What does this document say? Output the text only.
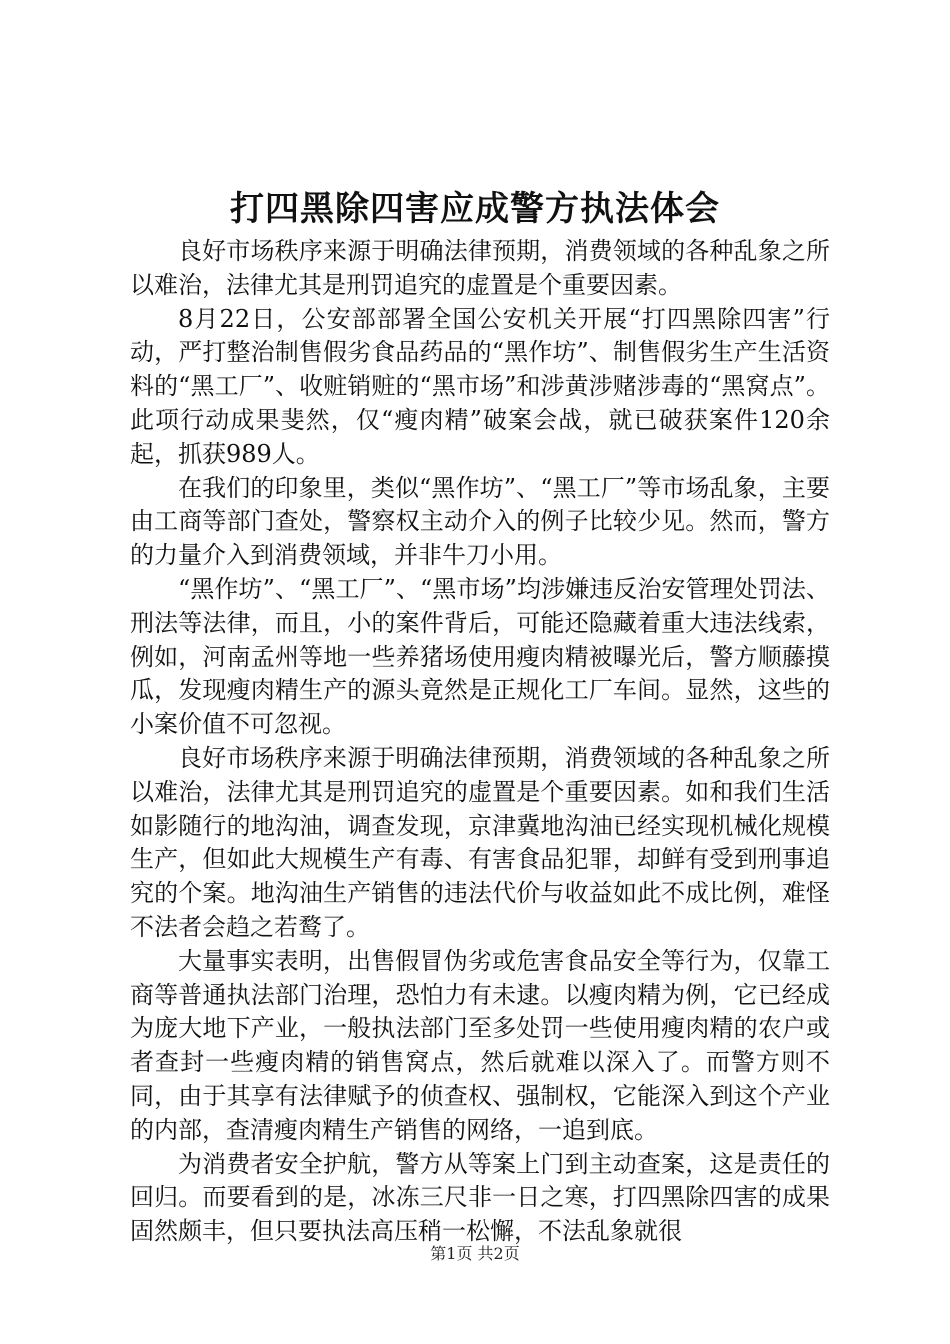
打四黑除四害应成警方执法体会

良好市场秩序来源于明确法律预期，消费领域的各种乱象之所以难治，法律尤其是刑罚追究的虚置是个重要因素。

8月22日，公安部部署全国公安机关开展“打四黑除四害”行动，严打整治制售假劣食品药品的“黑作坊”、制售假劣生产生活资料的“黑工厂”、收赃销赃的“黑市场”和涉黄涉赌涉毒的“黑窝点”。此项行动成果斐然，仅“瘦肉精”破案会战，就已破获案件120余起，抓获989人。

在我们的印象里，类似“黑作坊”、“黑工厂”等市场乱象，主要由工商等部门查处，警察权主动介入的例子比较少见。然而，警方的力量介入到消费领域，并非牛刀小用。

“黑作坊”、“黑工厂”、“黑市场”均涉嫌违反治安管理处罚法、刑法等法律，而且，小的案件背后，可能还隐藏着重大违法线索，例如，河南孟州等地一些养猪场使用瘦肉精被曝光后，警方顺藤摸瓜，发现瘦肉精生产的源头竟然是正规化工厂车间。显然，这些的小案价值不可忽视。

良好市场秩序来源于明确法律预期，消费领域的各种乱象之所以难治，法律尤其是刑罚追究的虚置是个重要因素。如和我们生活如影随行的地沟油，调查发现，京津冀地沟油已经实现机械化规模生产，但如此大规模生产有毒、有害食品犯罪，却鲜有受到刑事追究的个案。地沟油生产销售的违法代价与收益如此不成比例，难怪不法者会趋之若鹜了。

大量事实表明，出售假冒伪劣或危害食品安全等行为，仅靠工商等普通执法部门治理，恐怕力有未逮。以瘦肉精为例，它已经成为庞大地下产业，一般执法部门至多处罚一些使用瘦肉精的农户或者查封一些瘦肉精的销售窝点，然后就难以深入了。而警方则不同，由于其享有法律赋予的侦查权、强制权，它能深入到这个产业的内部，查清瘦肉精生产销售的网络，一追到底。

为消费者安全护航，警方从等案上门到主动查案，这是责任的回归。而要看到的是，冰冻三尺非一日之寒，打四黑除四害的成果固然颇丰，但只要执法高压稍一松懈，不法乱象就很

第1页 共2页
